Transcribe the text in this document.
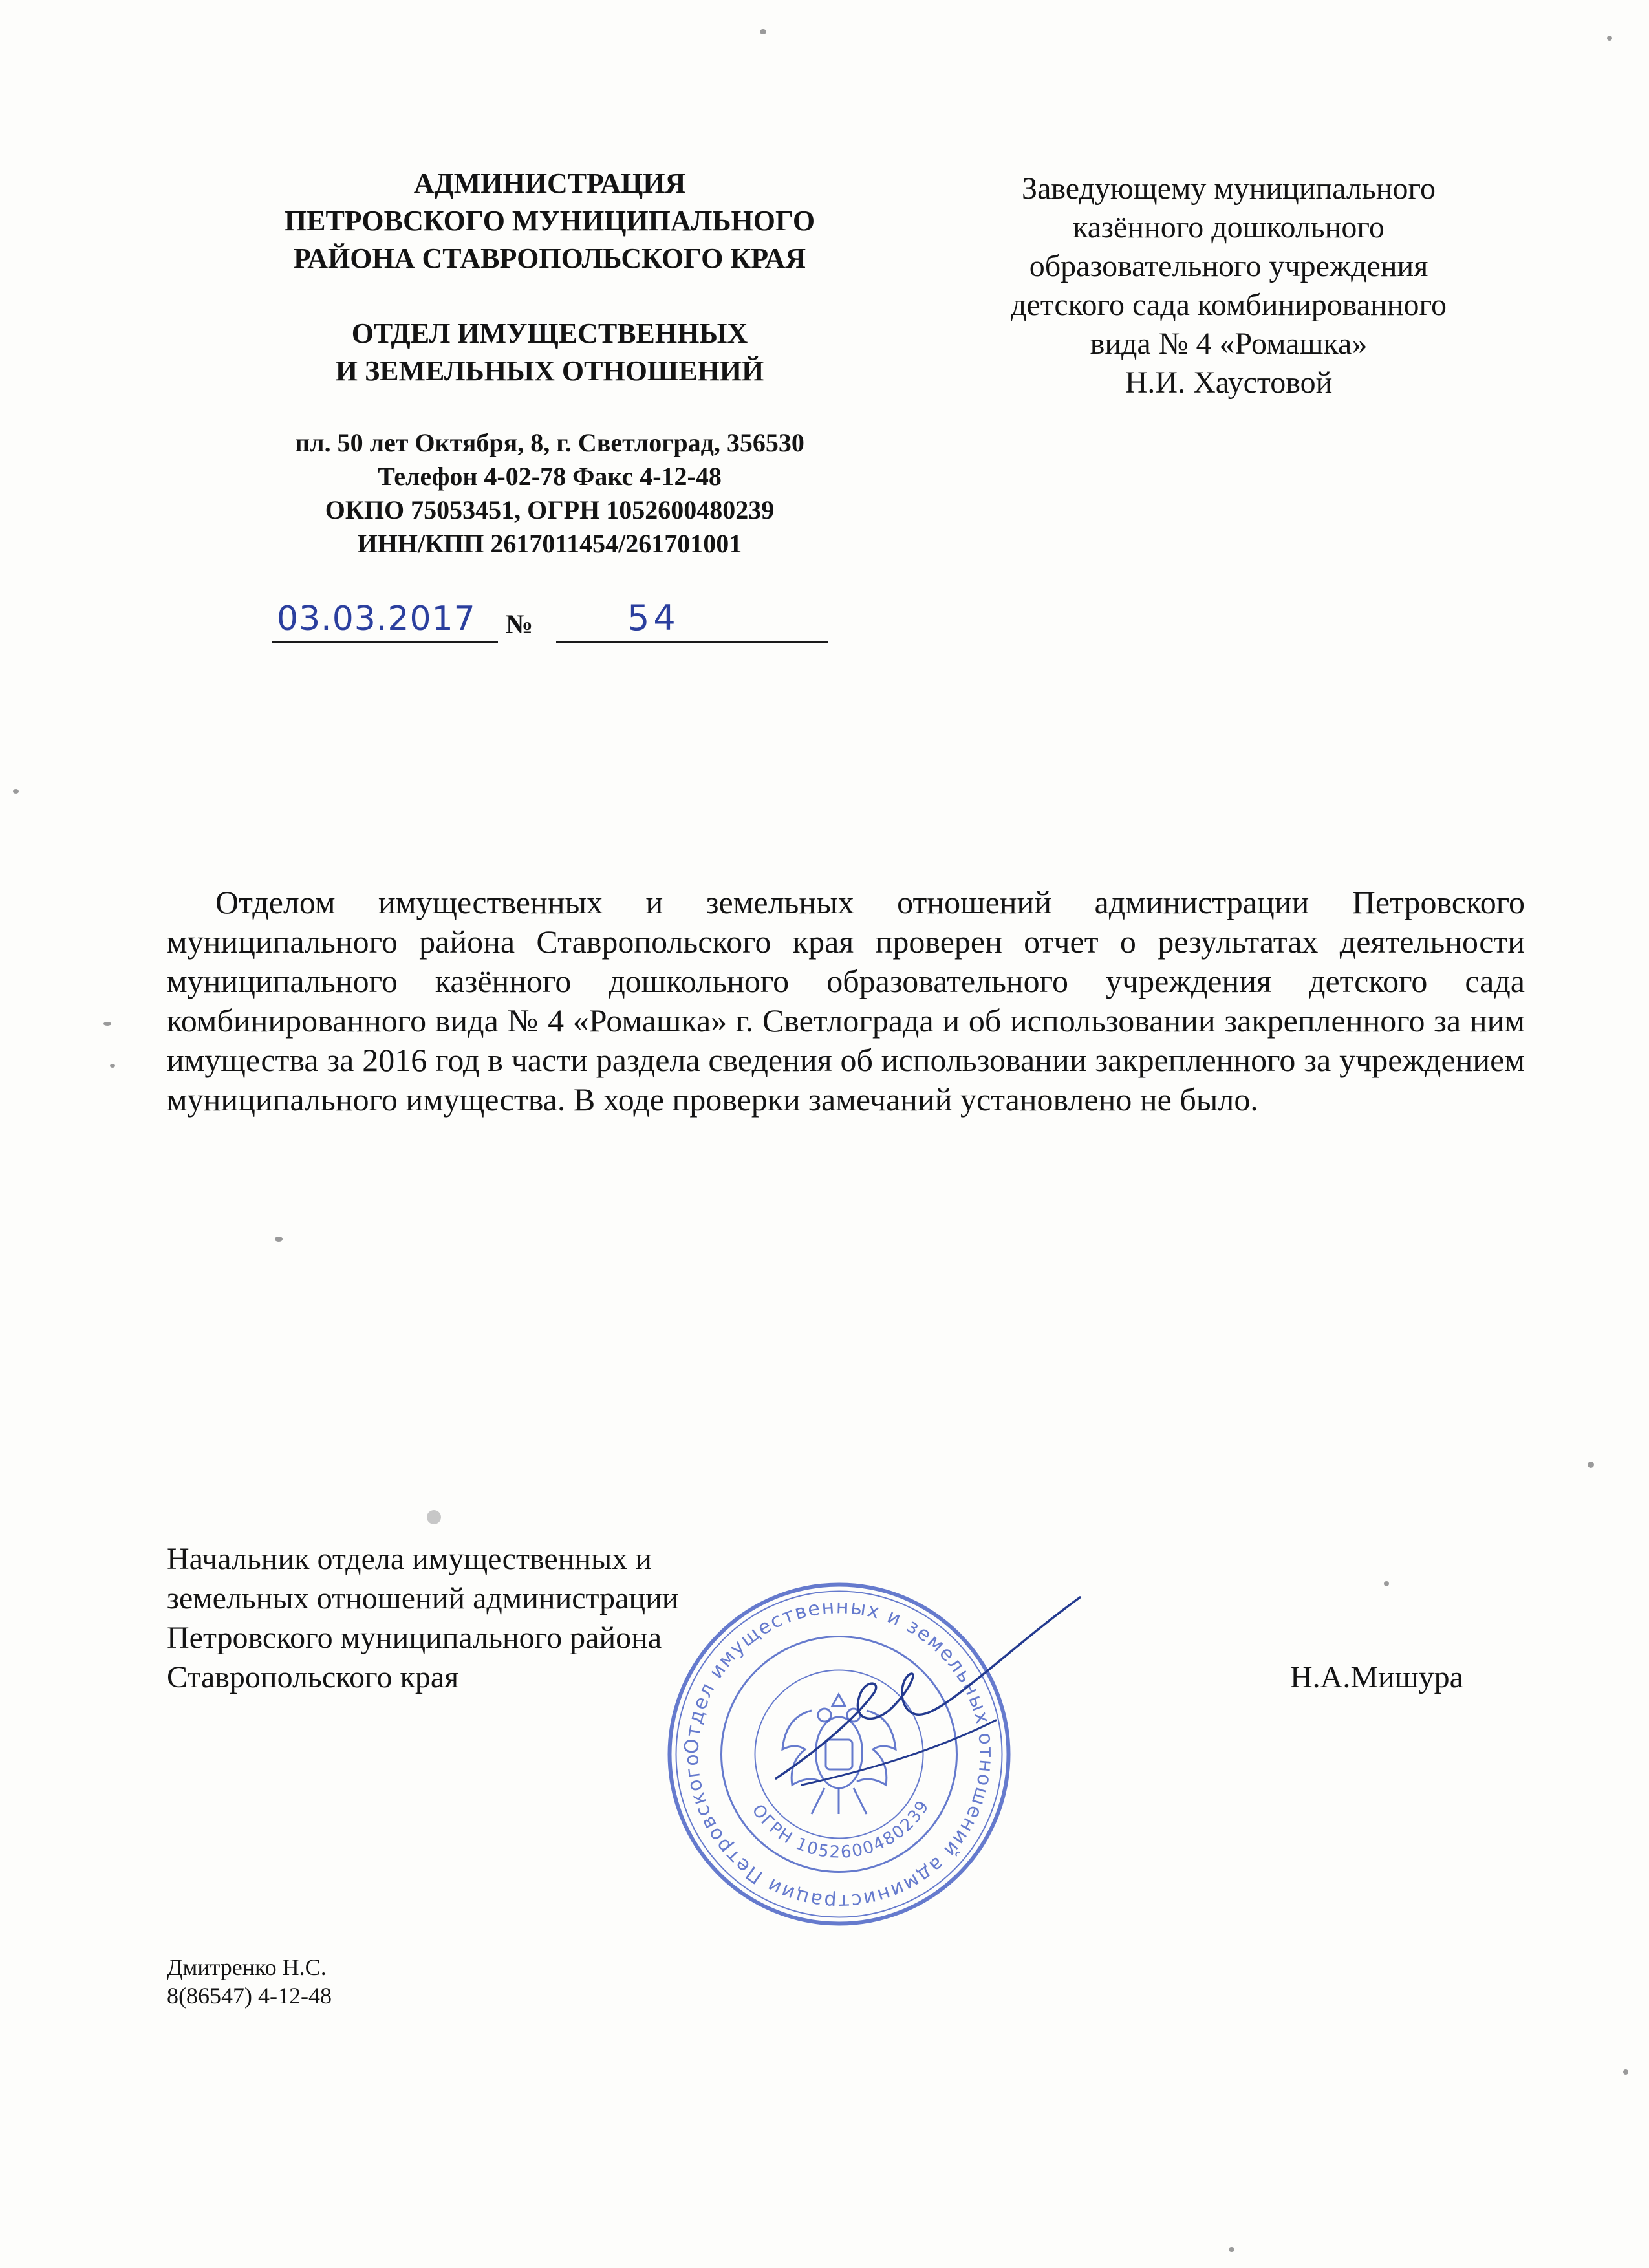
АДМИНИСТРАЦИЯ
ПЕТРОВСКОГО МУНИЦИПАЛЬНОГО
РАЙОНА СТАВРОПОЛЬСКОГО КРАЯ
ОТДЕЛ ИМУЩЕСТВЕННЫХ
И ЗЕМЕЛЬНЫХ ОТНОШЕНИЙ
пл. 50 лет Октября, 8, г. Светлоград, 356530
Телефон 4-02-78 Факс 4-12-48
ОКПО 75053451, ОГРН 1052600480239
ИНН/КПП 2617011454/261701001
03.03.2017 №	54
Заведующему муниципального
казённого дошкольного
образовательного учреждения
детского сада комбинированного
вида № 4 «Ромашка»
Н.И. Хаустовой
Отделом имущественных и земельных отношений администрации Петровского муниципального района Ставропольского края проверен отчет о результатах деятельности муниципального казённого дошкольного образовательного учреждения детского сада комбинированного вида № 4 «Ромашка» г. Светлограда и об использовании закрепленного за ним имущества за 2016 год в части раздела сведения об использовании закрепленного за учреждением муниципального имущества. В ходе проверки замечаний установлено не было.
Отдел имущественных и земельных отношений администрации Петровского
ОГРН 1052600480239
Начальник отдела имущественных и
земельных отношений администрации
Петровского муниципального района
Ставропольского края	Н.А.Мишура
Дмитренко Н.С.
8(86547) 4-12-48
